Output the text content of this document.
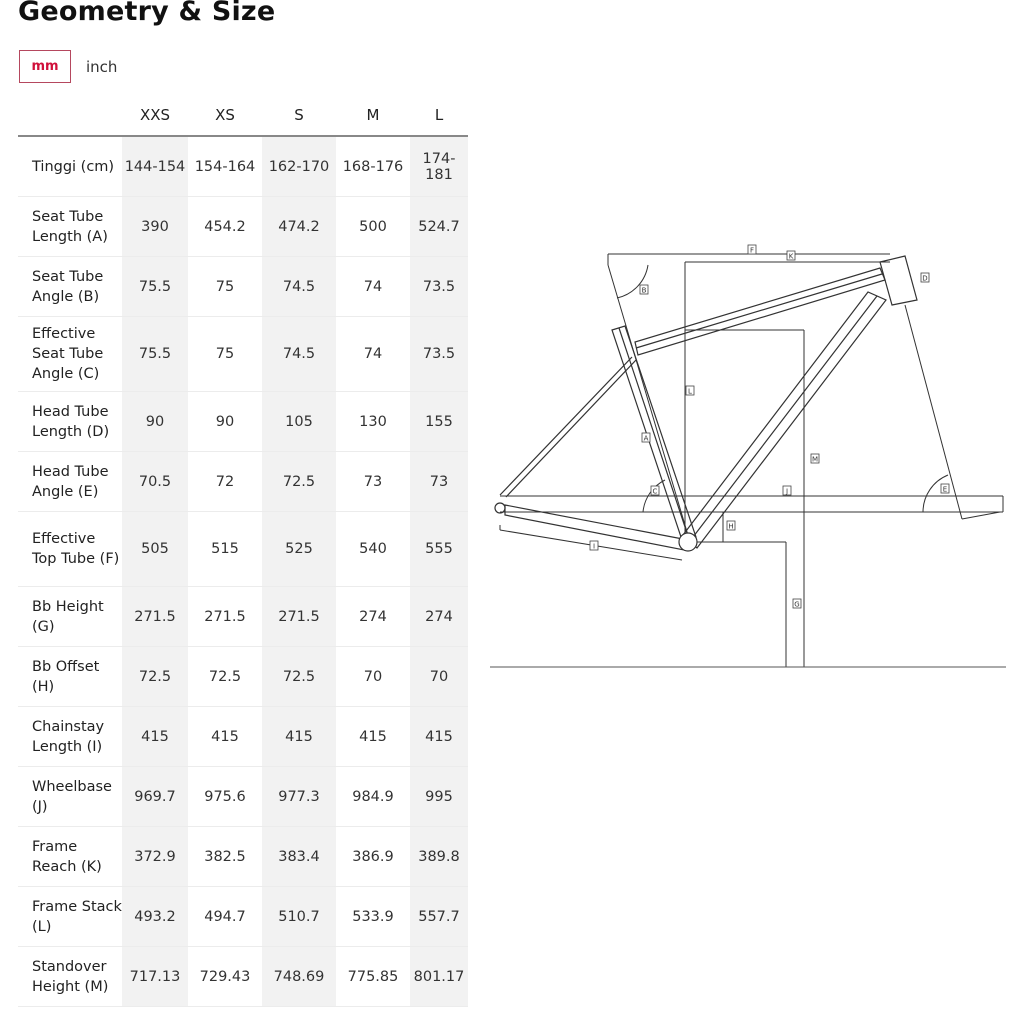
Geometry & Size
mm	inch
	XXS	XS	S	M	L
Tinggi (cm)	144-154	154-164	162-170	168-176	174-181
Seat Tube Length (A)	390	454.2	474.2	500	524.7
Seat Tube Angle (B)	75.5	75	74.5	74	73.5
Effective Seat Tube Angle (C)	75.5	75	74.5	74	73.5
Head Tube Length (D)	90	90	105	130	155
Head Tube Angle (E)	70.5	72	72.5	73	73
Effective Top Tube (F)	505	515	525	540	555
Bb Height (G)	271.5	271.5	271.5	274	274
Bb Offset (H)	72.5	72.5	72.5	70	70
Chainstay Length (I)	415	415	415	415	415
Wheelbase (J)	969.7	975.6	977.3	984.9	995
Frame Reach (K)	372.9	382.5	383.4	386.9	389.8
Frame Stack (L)	493.2	494.7	510.7	533.9	557.7
Standover Height (M)	717.13	729.43	748.69	775.85	801.17
A
B
C
D
E
F
G
H
I
J
K
L
M
